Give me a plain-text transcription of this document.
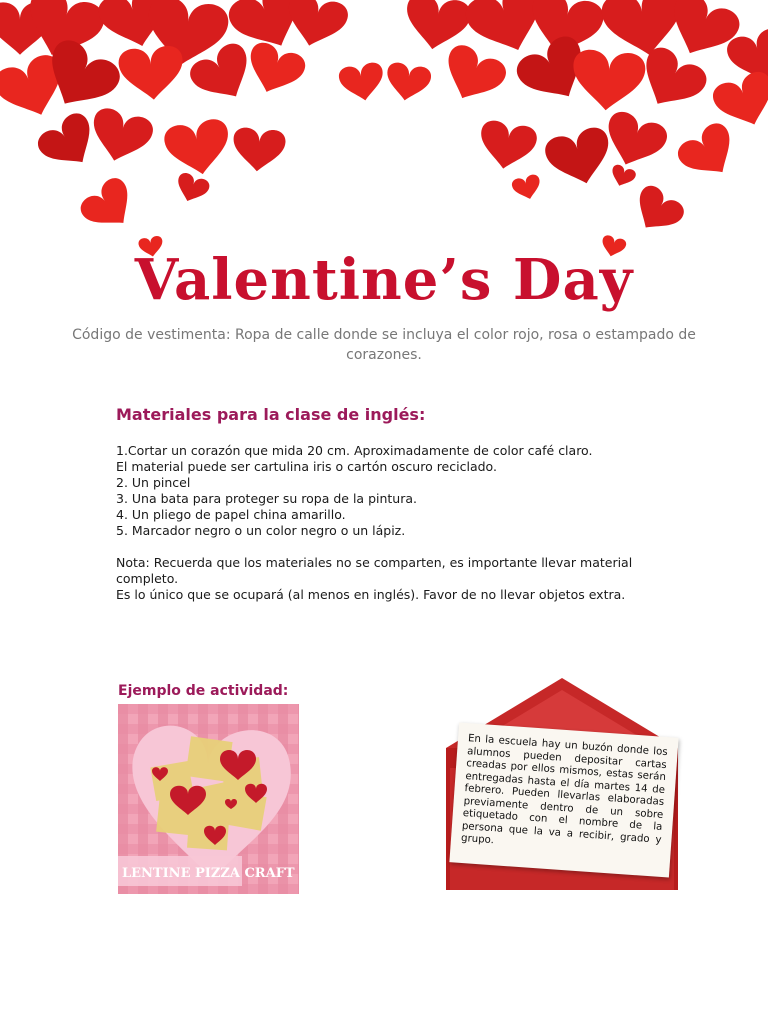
Valentine’s Day

Código de vestimenta: Ropa de calle donde se incluya el color rojo, rosa o estampado de corazones.

Materiales para la clase de inglés:

1.Cortar un corazón que mida 20 cm. Aproximadamente de color café claro.

El material puede ser cartulina iris o cartón oscuro reciclado.

2. Un pincel

3. Una bata para proteger su ropa de la pintura.

4. Un pliego de papel china amarillo.

5. Marcador negro o un color negro o un lápiz.

Nota: Recuerda que los materiales no se comparten, es importante llevar material completo.

Es lo único que se ocupará (al menos en inglés). Favor de no llevar objetos extra.

Ejemplo de actividad:
LENTINE PIZZA CRAFT

En la escuela hay un buzón donde los alumnos pueden depositar cartas creadas por ellos mismos, estas serán entregadas hasta el día martes 14 de febrero. Pueden llevarlas elaboradas previamente dentro de un sobre etiquetado con el nombre de la persona que la va a recibir, grado y grupo.
